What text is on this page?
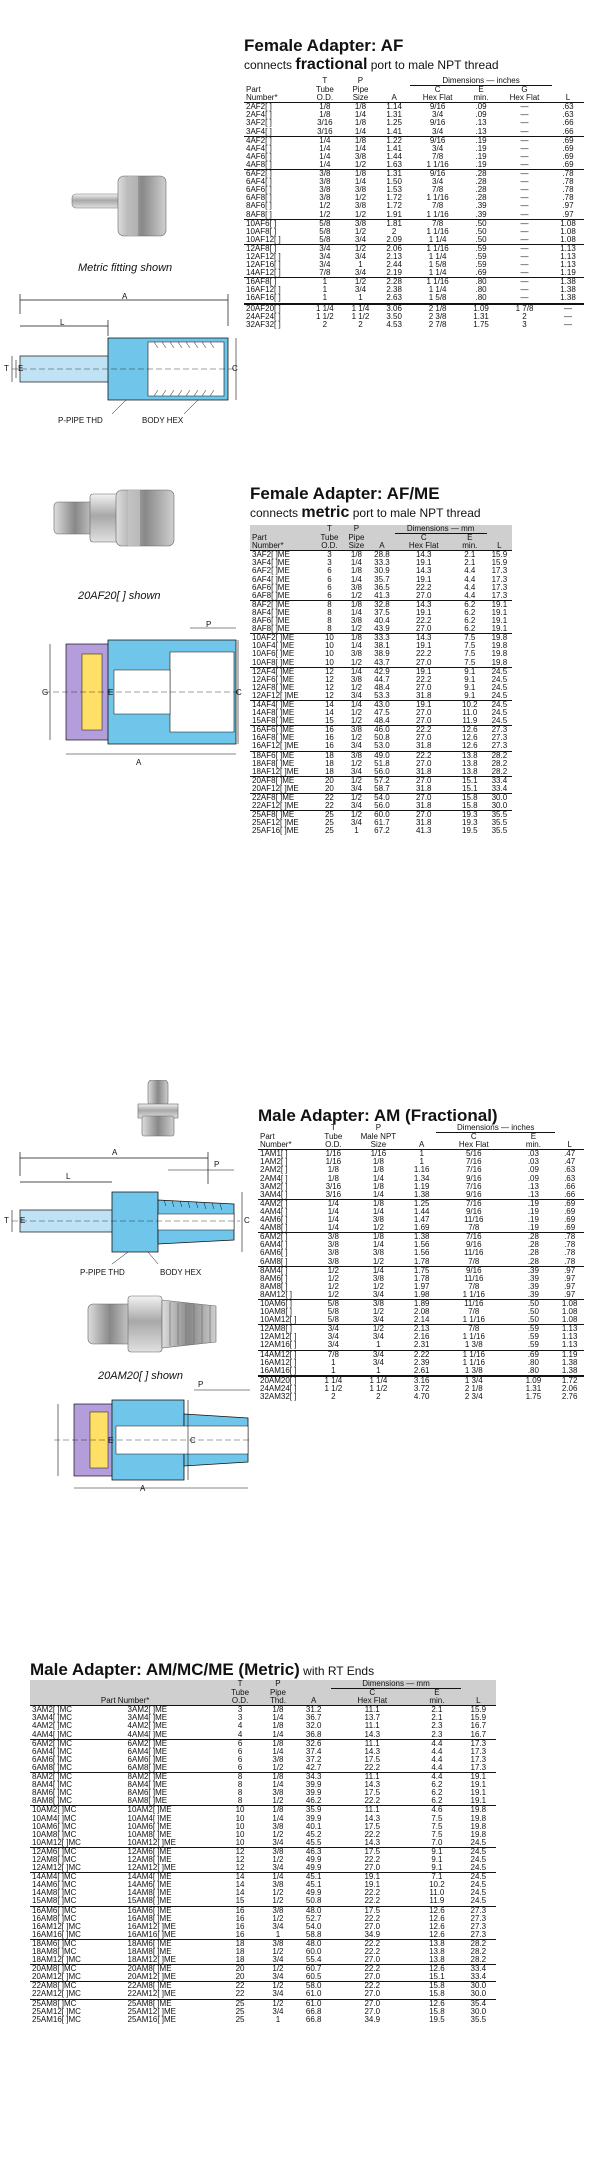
Female Adapter: AF
connects fractional port to male NPT thread
Metric fitting shown
A
L
T E	C
P-PIPE THD	BODY HEX
	T	P		Dimensions — inches			
Part	Tube	Pipe		C	E	G	
Number*	O.D.	Size	A	Hex Flat	min.	Hex Flat	L
2AF2[ ]	1/8	1/8	1.14	9/16	.09	—	.63
2AF4[ ]	1/8	1/4	1.31	3/4	.09	—	.63
3AF2[ ]	3/16	1/8	1.25	9/16	.13	—	.66
3AF4[ ]	3/16	1/4	1.41	3/4	.13	—	.66
4AF2[ ]	1/4	1/8	1.22	9/16	.19	—	.69
4AF4[ ]	1/4	1/4	1.41	3/4	.19	—	.69
4AF6[ ]	1/4	3/8	1.44	7/8	.19	—	.69
4AF8[ ]	1/4	1/2	1.63	1 1/16	.19	—	.69
6AF2[ ]	3/8	1/8	1.31	9/16	.28	—	.78
6AF4[ ]	3/8	1/4	1.50	3/4	.28	—	.78
6AF6[ ]	3/8	3/8	1.53	7/8	.28	—	.78
6AF8[ ]	3/8	1/2	1.72	1 1/16	.28	—	.78
8AF6[ ]	1/2	3/8	1.72	7/8	.39	—	.97
8AF8[ ]	1/2	1/2	1.91	1 1/16	.39	—	.97
10AF6[ ]	5/8	3/8	1.81	7/8	.50	—	1.08
10AF8[ ]	5/8	1/2	2	1 1/16	.50	—	1.08
10AF12[ ]	5/8	3/4	2.09	1 1/4	.50	—	1.08
12AF8[ ]	3/4	1/2	2.06	1 1/16	.59	—	1.13
12AF12[ ]	3/4	3/4	2.13	1 1/4	.59	—	1.13
12AF16[ ]	3/4	1	2.44	1 5/8	.59	—	1.13
14AF12[ ]	7/8	3/4	2.19	1 1/4	.69	—	1.19
16AF8[ ]	1	1/2	2.28	1 1/16	.80	—	1.38
16AF12[ ]	1	3/4	2.38	1 1/4	.80	—	1.38
16AF16[ ]	1	1	2.63	1 5/8	.80	—	1.38
20AF20[ ]	1 1/4	1 1/4	3.06	2 1/8	1.09	1 7/8	—
24AF24[ ]	1 1/2	1 1/2	3.50	2 3/8	1.31	2	—
32AF32[ ]	2	2	4.53	2 7/8	1.75	3	—
Female Adapter: AF/ME
connects metric port to male NPT thread
20AF20[ ] shown
P
G	E	C
A
	T	P		Dimensions — mm		
Part	Tube	Pipe		C	E	
Number*	O.D.	Size	A	Hex Flat	min.	L
3AF2[ ]ME	3	1/8	28.8	14.3	2.1	15.9
3AF4[ ]ME	3	1/4	33.3	19.1	2.1	15.9
6AF2[ ]ME	6	1/8	30.9	14.3	4.4	17.3
6AF4[ ]ME	6	1/4	35.7	19.1	4.4	17.3
6AF6[ ]ME	6	3/8	36.5	22.2	4.4	17.3
6AF8[ ]ME	6	1/2	41.3	27.0	4.4	17.3
8AF2[ ]ME	8	1/8	32.8	14.3	6.2	19.1
8AF4[ ]ME	8	1/4	37.5	19.1	6.2	19.1
8AF6[ ]ME	8	3/8	40.4	22.2	6.2	19.1
8AF8[ ]ME	8	1/2	43.9	27.0	6.2	19.1
10AF2[ ]ME	10	1/8	33.3	14.3	7.5	19.8
10AF4[ ]ME	10	1/4	38.1	19.1	7.5	19.8
10AF6[ ]ME	10	3/8	38.9	22.2	7.5	19.8
10AF8[ ]ME	10	1/2	43.7	27.0	7.5	19.8
12AF4[ ]ME	12	1/4	42.9	19.1	9.1	24.5
12AF6[ ]ME	12	3/8	44.7	22.2	9.1	24.5
12AF8[ ]ME	12	1/2	48.4	27.0	9.1	24.5
12AF12[ ]ME	12	3/4	53.3	31.8	9.1	24.5
14AF4[ ]ME	14	1/4	43.0	19.1	10.2	24.5
14AF8[ ]ME	14	1/2	47.5	27.0	11.0	24.5
15AF8[ ]ME	15	1/2	48.4	27.0	11.9	24.5
16AF6[ ]ME	16	3/8	46.0	22.2	12.6	27.3
16AF8[ ]ME	16	1/2	50.8	27.0	12.6	27.3
16AF12[ ]ME	16	3/4	53.0	31.8	12.6	27.3
18AF6[ ]ME	18	3/8	49.0	22.2	13.8	28.2
18AF8[ ]ME	18	1/2	51.8	27.0	13.8	28.2
18AF12[ ]ME	18	3/4	56.0	31.8	13.8	28.2
20AF8[ ]ME	20	1/2	57.2	27.0	15.1	33.4
20AF12[ ]ME	20	3/4	58.7	31.8	15.1	33.4
22AF8[ ]ME	22	1/2	54.0	27.0	15.8	30.0
22AF12[ ]ME	22	3/4	56.0	31.8	15.8	30.0
25AF8[ ]ME	25	1/2	60.0	27.0	19.3	35.5
25AF12[ ]ME	25	3/4	61.7	31.8	19.3	35.5
25AF16[ ]ME	25	1	67.2	41.3	19.5	35.5
Male Adapter: AM (Fractional)
A
P
L
T E	C
P-PIPE THD	BODY HEX
20AM20[ ] shown
P
E	C
A
	T	P		Dimensions — inches		
Part	Tube	Male NPT		C	E	
Number*	O.D.	Size	A	Hex Flat	min.	L
1AM1[ ]	1/16	1/16	1	5/16	.03	.47
1AM2[ ]	1/16	1/8	1	7/16	.03	.47
2AM2[ ]	1/8	1/8	1.16	7/16	.09	.63
2AM4[ ]	1/8	1/4	1.34	9/16	.09	.63
3AM2[ ]	3/16	1/8	1.19	7/16	.13	.66
3AM4[ ]	3/16	1/4	1.38	9/16	.13	.66
4AM2[ ]	1/4	1/8	1.25	7/16	.19	.69
4AM4[ ]	1/4	1/4	1.44	9/16	.19	.69
4AM6[ ]	1/4	3/8	1.47	11/16	.19	.69
4AM8[ ]	1/4	1/2	1.69	7/8	.19	.69
6AM2[ ]	3/8	1/8	1.38	7/16	.28	.78
6AM4[ ]	3/8	1/4	1.56	9/16	.28	.78
6AM6[ ]	3/8	3/8	1.56	11/16	.28	.78
6AM8[ ]	3/8	1/2	1.78	7/8	.28	.78
8AM4[ ]	1/2	1/4	1.75	9/16	.39	.97
8AM6[ ]	1/2	3/8	1.78	11/16	.39	.97
8AM8[ ]	1/2	1/2	1.97	7/8	.39	.97
8AM12[ ]	1/2	3/4	1.98	1 1/16	.39	.97
10AM6[ ]	5/8	3/8	1.89	11/16	.50	1.08
10AM8[ ]	5/8	1/2	2.08	7/8	.50	1.08
10AM12[ ]	5/8	3/4	2.14	1 1/16	.50	1.08
12AM8[ ]	3/4	1/2	2.13	7/8	.59	1.13
12AM12[ ]	3/4	3/4	2.16	1 1/16	.59	1.13
12AM16[ ]	3/4	1	2.31	1 3/8	.59	1.13
14AM12[ ]	7/8	3/4	2.22	1 1/16	.69	1.19
16AM12[ ]	1	3/4	2.39	1 1/16	.80	1.38
16AM16[ ]	1	1	2.61	1 3/8	.80	1.38
20AM20[ ]	1 1/4	1 1/4	3.16	1 3/4	1.09	1.72
24AM24[ ]	1 1/2	1 1/2	3.72	2 1/8	1.31	2.06
32AM32[ ]	2	2	4.70	2 3/4	1.75	2.76
Male Adapter: AM/MC/ME (Metric) with RT Ends
		T	P		Dimensions — mm		
		Tube	Pipe		C	E	
Part Number*		O.D.	Thd.	A	Hex Flat	min.	L
3AM2[ ]MC	3AM2[ ]ME	3	1/8	31.2	11.1	2.1	15.9
3AM4[ ]MC	3AM4[ ]ME	3	1/4	36.7	13.7	2.1	15.9
4AM2[ ]MC	4AM2[ ]ME	4	1/8	32.0	11.1	2.3	16.7
4AM4[ ]MC	4AM4[ ]ME	4	1/4	36.8	14.3	2.3	16.7
6AM2[ ]MC	6AM2[ ]ME	6	1/8	32.6	11.1	4.4	17.3
6AM4[ ]MC	6AM4[ ]ME	6	1/4	37.4	14.3	4.4	17.3
6AM6[ ]MC	6AM6[ ]ME	6	3/8	37.2	17.5	4.4	17.3
6AM8[ ]MC	6AM8[ ]ME	6	1/2	42.7	22.2	4.4	17.3
8AM2[ ]MC	8AM2[ ]ME	8	1/8	34.3	11.1	4.4	19.1
8AM4[ ]MC	8AM4[ ]ME	8	1/4	39.9	14.3	6.2	19.1
8AM6[ ]MC	8AM6[ ]ME	8	3/8	39.9	17.5	6.2	19.1
8AM8[ ]MC	8AM8[ ]ME	8	1/2	46.2	22.2	6.2	19.1
10AM2[ ]MC	10AM2[ ]ME	10	1/8	35.9	11.1	4.6	19.8
10AM4[ ]MC	10AM4[ ]ME	10	1/4	39.9	14.3	7.5	19.8
10AM6[ ]MC	10AM6[ ]ME	10	3/8	40.1	17.5	7.5	19.8
10AM8[ ]MC	10AM8[ ]ME	10	1/2	45.2	22.2	7.5	19.8
10AM12[ ]MC	10AM12[ ]ME	10	3/4	45.5	14.3	7.0	24.5
12AM6[ ]MC	12AM6[ ]ME	12	3/8	46.3	17.5	9.1	24.5
12AM8[ ]MC	12AM8[ ]ME	12	1/2	49.9	22.2	9.1	24.5
12AM12[ ]MC	12AM12[ ]ME	12	3/4	49.9	27.0	9.1	24.5
14AM4[ ]MC	14AM4[ ]ME	14	1/4	45.1	19.1	7.1	24.5
14AM6[ ]MC	14AM6[ ]ME	14	3/8	45.1	19.1	10.2	24.5
14AM8[ ]MC	14AM8[ ]ME	14	1/2	49.9	22.2	11.0	24.5
15AM8[ ]MC	15AM8[ ]ME	15	1/2	50.8	22.2	11.9	24.5
16AM6[ ]MC	16AM6[ ]ME	16	3/8	48.0	17.5	12.6	27.3
16AM8[ ]MC	16AM8[ ]ME	16	1/2	52.7	22.2	12.6	27.3
16AM12[ ]MC	16AM12[ ]ME	16	3/4	54.0	27.0	12.6	27.3
16AM16[ ]MC	16AM16[ ]ME	16	1	58.8	34.9	12.6	27.3
18AM6[ ]MC	18AM6[ ]ME	18	3/8	48.0	22.2	13.8	28.2
18AM8[ ]MC	18AM8[ ]ME	18	1/2	60.0	22.2	13.8	28.2
18AM12[ ]MC	18AM12[ ]ME	18	3/4	55.4	27.0	13.8	28.2
20AM8[ ]MC	20AM8[ ]ME	20	1/2	60.7	22.2	12.6	33.4
20AM12[ ]MC	20AM12[ ]ME	20	3/4	60.5	27.0	15.1	33.4
22AM8[ ]MC	22AM8[ ]ME	22	1/2	58.0	22.2	15.8	30.0
22AM12[ ]MC	22AM12[ ]ME	22	3/4	61.0	27.0	15.8	30.0
25AM8[ ]MC	25AM8[ ]ME	25	1/2	61.0	27.0	12.6	35.4
25AM12[ ]MC	25AM12[ ]ME	25	3/4	66.8	27.0	15.8	30.0
25AM16[ ]MC	25AM16[ ]ME	25	1	66.8	34.9	19.5	35.5
